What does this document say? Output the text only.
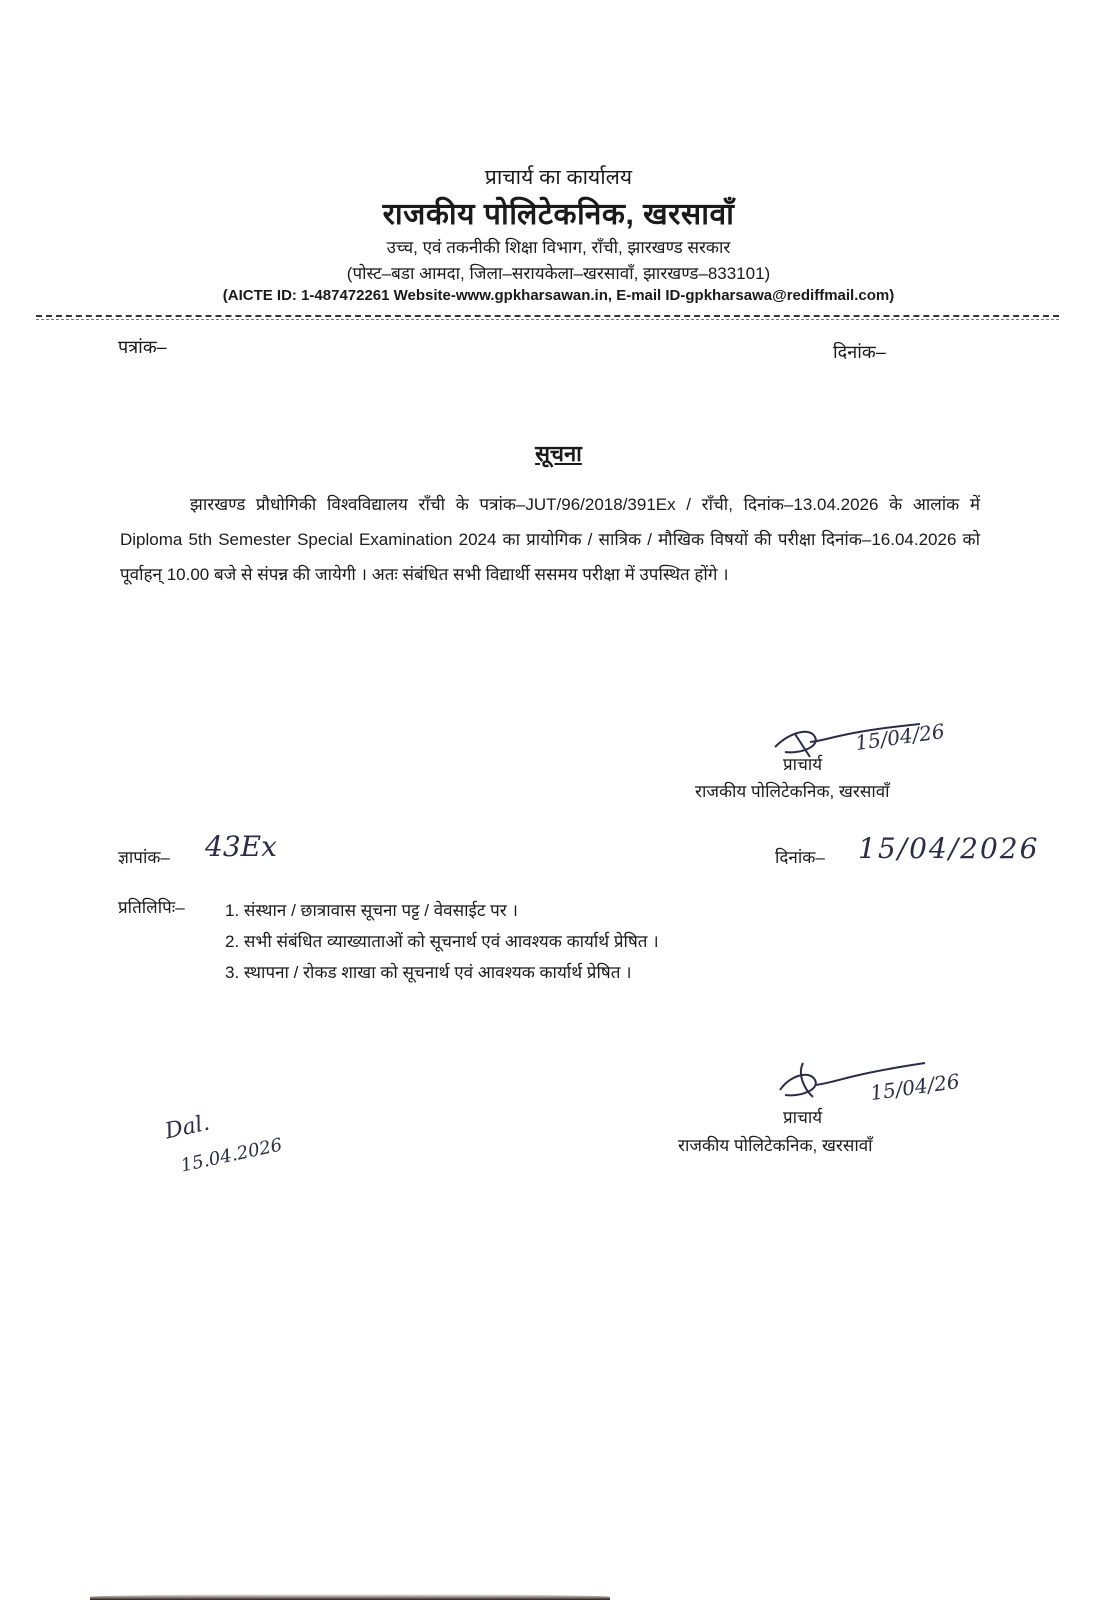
प्राचार्य का कार्यालय
राजकीय पोलिटेकनिक, खरसावाँ
उच्च, एवं तकनीकी शिक्षा विभाग, राँची, झारखण्ड सरकार
(पोस्ट–बडा आमदा, जिला–सरायकेला–खरसावाँ, झारखण्ड–833101)
(AICTE ID: 1-487472261 Website-www.gpkharsawan.in, E-mail ID-gpkharsawa@rediffmail.com)
पत्रांक–	दिनांक–
सूचना
झारखण्ड प्रौधोगिकी विश्वविद्यालय राँची के पत्रांक–JUT/96/2018/391Ex / राँची, दिनांक–13.04.2026 के आलांक में Diploma 5th Semester Special Examination 2024 का प्रायोगिक / सात्रिक / मौखिक विषयों की परीक्षा दिनांक–16.04.2026 को पूर्वाहन् 10.00 बजे से संपन्न की जायेगी । अतः संबंधित सभी विद्यार्थी ससमय परीक्षा में उपस्थित होंगे ।
15/04/26
प्राचार्य
राजकीय पोलिटेकनिक, खरसावाँ
ज्ञापांक– 43Ex	दिनांक– 15/04/2026
प्रतिलिपिः– 1. संस्थान / छात्रावास सूचना पट्ट / वेवसाईट पर ।
2. सभी संबंधित व्याख्याताओं को सूचनार्थ एवं आवश्यक कार्यार्थ प्रेषित ।
3. स्थापना / रोकड शाखा को सूचनार्थ एवं आवश्यक कार्यार्थ प्रेषित ।
15/04/26
प्राचार्य
राजकीय पोलिटेकनिक, खरसावाँ
Dal.
15.04.2026
